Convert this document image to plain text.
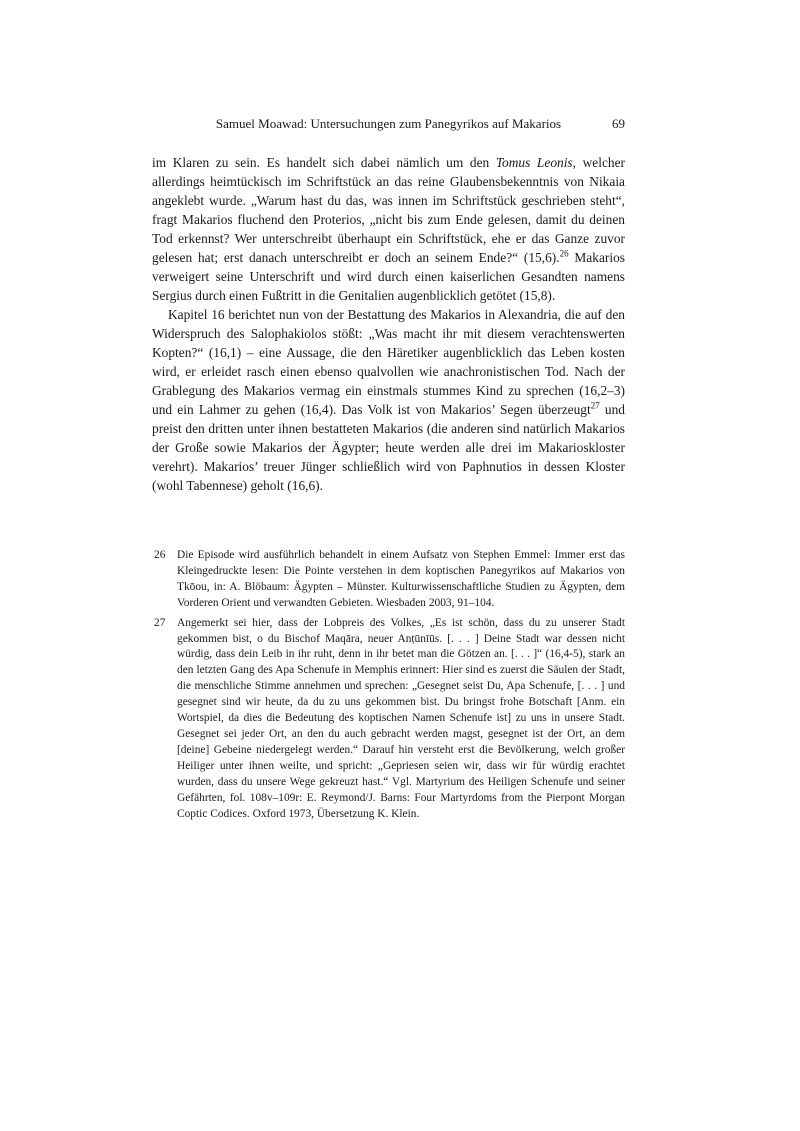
Samuel Moawad: Untersuchungen zum Panegyrikos auf Makarios	69

im Klaren zu sein. Es handelt sich dabei nämlich um den Tomus Leonis, welcher allerdings heimtückisch im Schriftstück an das reine Glaubensbekenntnis von Nikaia angeklebt wurde. „Warum hast du das, was innen im Schriftstück geschrieben steht“, fragt Makarios fluchend den Proterios, „nicht bis zum Ende gelesen, damit du deinen Tod erkennst? Wer unterschreibt überhaupt ein Schriftstück, ehe er das Ganze zuvor gelesen hat; erst danach unterschreibt er doch an seinem Ende?“ (15,6).$^{26}$ Makarios verweigert seine Unterschrift und wird durch einen kaiserlichen Gesandten namens Sergius durch einen Fußtritt in die Genitalien augenblicklich getötet (15,8).

Kapitel 16 berichtet nun von der Bestattung des Makarios in Alexandria, die auf den Widerspruch des Salophakiolos stößt: „Was macht ihr mit diesem verachtenswerten Kopten?“ (16,1) – eine Aussage, die den Häretiker augenblicklich das Leben kosten wird, er erleidet rasch einen ebenso qualvollen wie anachronistischen Tod. Nach der Grablegung des Makarios vermag ein einstmals stummes Kind zu sprechen (16,2–3) und ein Lahmer zu gehen (16,4). Das Volk ist von Makarios’ Segen überzeugt$^{27}$ und preist den dritten unter ihnen bestatteten Makarios (die anderen sind natürlich Makarios der Große sowie Makarios der Ägypter; heute werden alle drei im Makarioskloster verehrt). Makarios’ treuer Jünger schließlich wird von Paphnutios in dessen Kloster (wohl Tabennese) geholt (16,6).

26 Die Episode wird ausführlich behandelt in einem Aufsatz von Stephen Emmel: Immer erst das Kleingedruckte lesen: Die Pointe verstehen in dem koptischen Panegyrikos auf Makarios von Tkōou, in: A. Blöbaum: Ägypten – Münster. Kulturwissenschaftliche Studien zu Ägypten, dem Vorderen Orient und verwandten Gebieten. Wiesbaden 2003, 91–104.
27 Angemerkt sei hier, dass der Lobpreis des Volkes, „Es ist schön, dass du zu unserer Stadt gekommen bist, o du Bischof Maqāra, neuer Anṭūnīūs. [. . . ] Deine Stadt war dessen nicht würdig, dass dein Leib in ihr ruht, denn in ihr betet man die Götzen an. [. . . ]“ (16,4-5), stark an den letzten Gang des Apa Schenufe in Memphis erinnert: Hier sind es zuerst die Säulen der Stadt, die menschliche Stimme annehmen und sprechen: „Gesegnet seist Du, Apa Schenufe, [. . . ] und gesegnet sind wir heute, da du zu uns gekommen bist. Du bringst frohe Botschaft [Anm. ein Wortspiel, da dies die Bedeutung des koptischen Namen Schenufe ist] zu uns in unsere Stadt. Gesegnet sei jeder Ort, an den du auch gebracht werden magst, gesegnet ist der Ort, an dem [deine] Gebeine niedergelegt werden.“ Darauf hin versteht erst die Bevölkerung, welch großer Heiliger unter ihnen weilte, und spricht: „Gepriesen seien wir, dass wir für würdig erachtet wurden, dass du unsere Wege gekreuzt hast.“ Vgl. Martyrium des Heiligen Schenufe und seiner Gefährten, fol. 108v–109r: E. Reymond/J. Barns: Four Martyrdoms from the Pierpont Morgan Coptic Codices. Oxford 1973, Übersetzung K. Klein.
